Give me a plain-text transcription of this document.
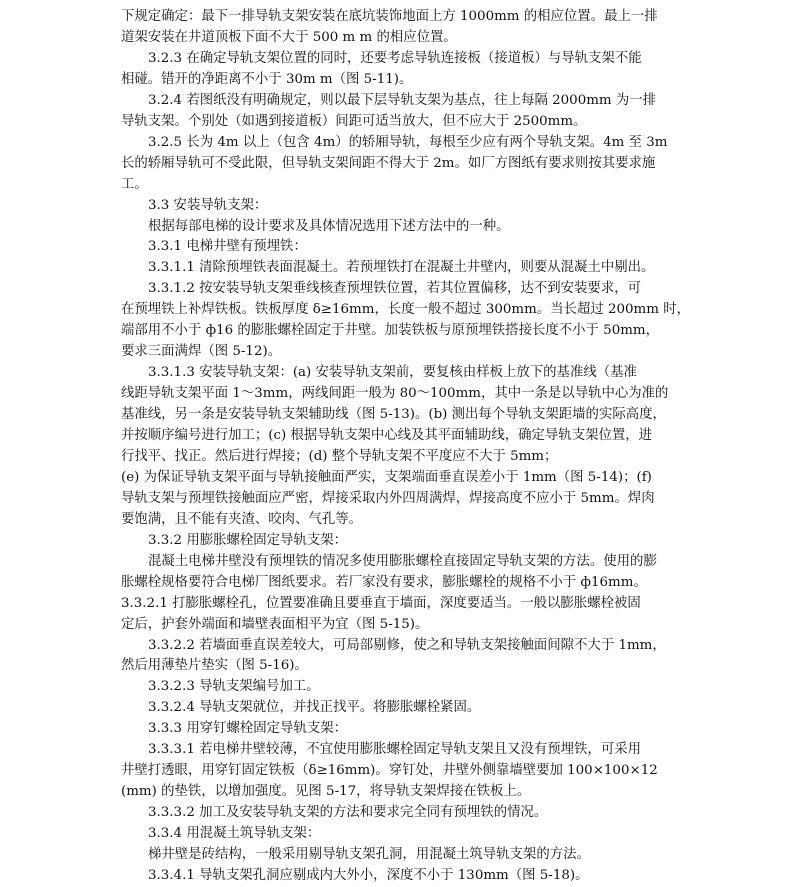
下规定确定：最下一排导轨支架安装在底坑装饰地面上方 1000mm 的相应位置。最上一排
道架安装在井道顶板下面不大于 500 m m 的相应位置。
3.2.3 在确定导轨支架位置的同时，还要考虑导轨连接板（接道板）与导轨支架不能
相碰。错开的净距离不小于 30m m（图 5-11)。
3.2.4 若图纸没有明确规定，则以最下层导轨支架为基点，往上每隔 2000mm 为一排
导轨支架。个别处（如遇到接道板）间距可适当放大，但不应大于 2500mm。
3.2.5 长为 4m 以上（包含 4m）的轿厢导轨，每根至少应有两个导轨支架。4m 至 3m
长的轿厢导轨可不受此限，但导轨支架间距不得大于 2m。如厂方图纸有要求则按其要求施
工。
3.3 安装导轨支架：
根据每部电梯的设计要求及具体情况选用下述方法中的一种。
3.3.1 电梯井壁有预埋铁：
3.3.1.1 清除预埋铁表面混凝土。若预埋铁打在混凝土井壁内，则要从混凝土中剔出。
3.3.1.2 按安装导轨支架垂线核查预埋铁位置，若其位置偏移，达不到安装要求，可
在预埋铁上补焊铁板。铁板厚度 δ≥16mm，长度一般不超过 300mm。当长超过 200mm 时，
端部用不小于 ф16 的膨胀螺栓固定于井壁。加装铁板与原预埋铁搭接长度不小于 50mm，
要求三面满焊（图 5-12)。
3.3.1.3 安装导轨支架：(a) 安装导轨支架前，要复核由样板上放下的基准线（基准
线距导轨支架平面 1～3mm，两线间距一般为 80～100mm，其中一条是以导轨中心为准的
基准线，另一条是安装导轨支架辅助线（图 5-13)。(b) 测出每个导轨支架距墙的实际高度，
并按顺序编号进行加工；(c) 根据导轨支架中心线及其平面辅助线，确定导轨支架位置，进
行找平、找正。然后进行焊接；(d) 整个导轨支架不平度应不大于 5mm；
(e) 为保证导轨支架平面与导轨接触面严实，支架端面垂直误差小于 1mm（图 5-14)；(f)
导轨支架与预埋铁接触面应严密，焊接采取内外四周满焊，焊接高度不应小于 5mm。焊肉
要饱满，且不能有夹渣、咬肉、气孔等。
3.3.2 用膨胀螺栓固定导轨支架：
混凝土电梯井壁没有预埋铁的情况多使用膨胀螺栓直接固定导轨支架的方法。使用的膨
胀螺栓规格要符合电梯厂图纸要求。若厂家没有要求，膨胀螺栓的规格不小于 ф16mm。
3.3.2.1 打膨胀螺栓孔，位置要准确且要垂直于墙面，深度要适当。一般以膨胀螺栓被固
定后，护套外端面和墙壁表面相平为宜（图 5-15)。
3.3.2.2 若墙面垂直误差较大，可局部剔修，使之和导轨支架接触面间隙不大于 1mm，
然后用薄垫片垫实（图 5-16)。
3.3.2.3 导轨支架编号加工。
3.3.2.4 导轨支架就位，并找正找平。将膨胀螺栓紧固。
3.3.3 用穿钉螺栓固定导轨支架：
3.3.3.1 若电梯井壁较薄，不宜使用膨胀螺栓固定导轨支架且又没有预埋铁，可采用
井壁打透眼，用穿钉固定铁板（δ≥16mm)。穿钉处，井壁外侧靠墙壁要加 100×100×12
(mm) 的垫铁，以增加强度。见图 5-17，将导轨支架焊接在铁板上。
3.3.3.2 加工及安装导轨支架的方法和要求完全同有预埋铁的情况。
3.3.4 用混凝土筑导轨支架：
梯井壁是砖结构，一般采用剔导轨支架孔洞，用混凝土筑导轨支架的方法。
3.3.4.1 导轨支架孔洞应剔成内大外小，深度不小于 130mm（图 5-18)。
